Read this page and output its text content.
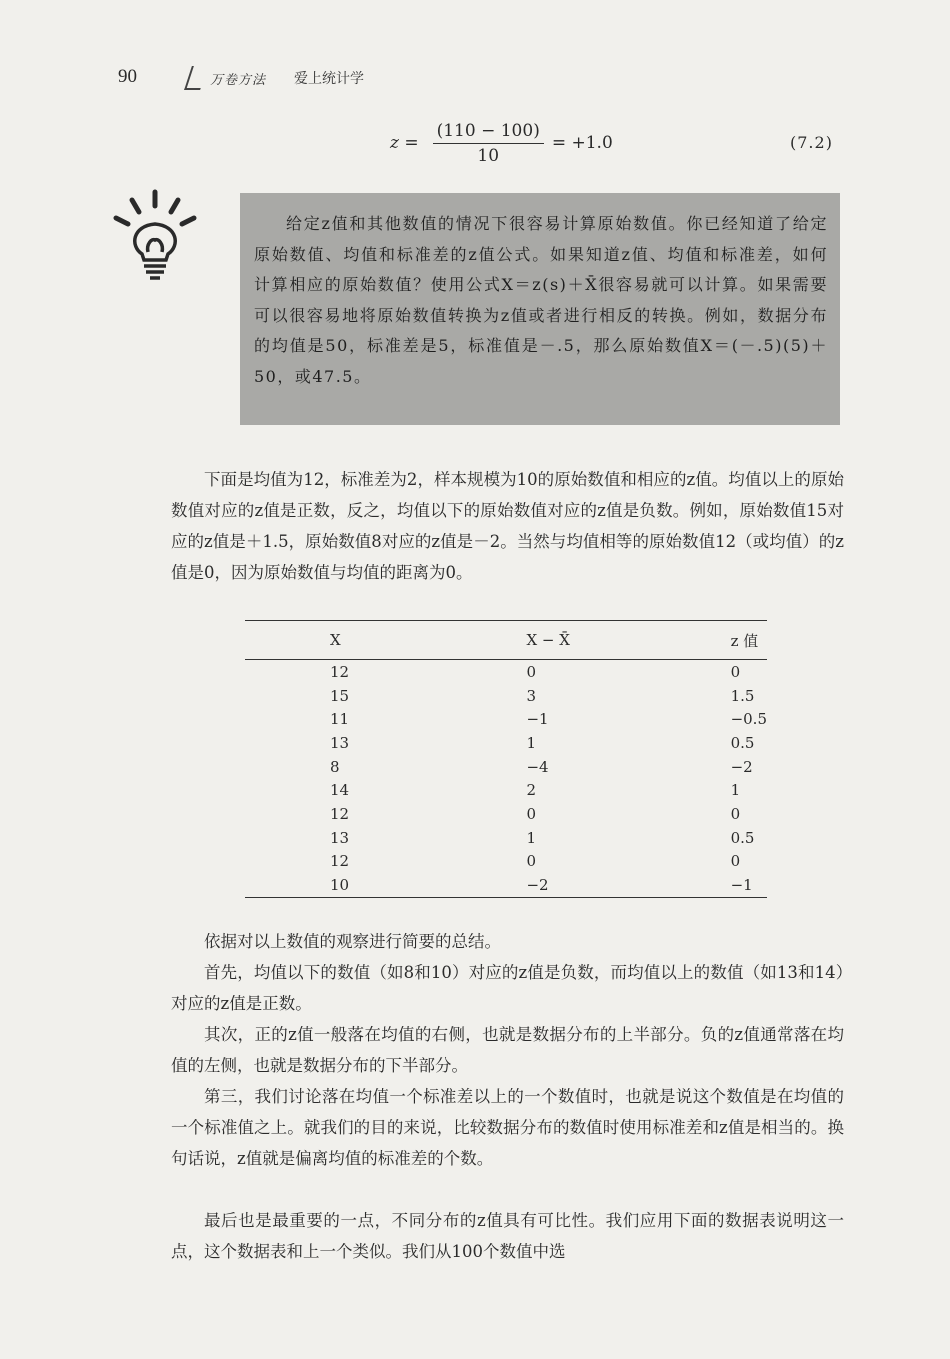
90	万卷方法 爱上统计学
$z = \frac{(110 - 100)}{10} = +1.0$	(7.2)

给定z值和其他数值的情况下很容易计算原始数值。你已经知道了给定原始数值、均值和标准差的z值公式。如果知道z值、均值和标准差，如何计算相应的原始数值？使用公式X＝z(s)＋X̄很容易就可以计算。如果需要可以很容易地将原始数值转换为z值或者进行相反的转换。例如，数据分布的均值是50，标准差是5，标准值是－.5，那么原始数值X＝(－.5)(5)＋50，或47.5。

下面是均值为12，标准差为2，样本规模为10的原始数值和相应的z值。均值以上的原始数值对应的z值是正数，反之，均值以下的原始数值对应的z值是负数。例如，原始数值15对应的z值是＋1.5，原始数值8对应的z值是－2。当然与均值相等的原始数值12（或均值）的z值是0，因为原始数值与均值的距离为0。
X	X − X̄	z 值
12	0	0
15	3	1.5
11	−1	−0.5
13	1	0.5
8	−4	−2
14	2	1
12	0	0
13	1	0.5
12	0	0
10	−2	−1
依据对以上数值的观察进行简要的总结。
首先，均值以下的数值（如8和10）对应的z值是负数，而均值以上的数值（如13和14）对应的z值是正数。
其次，正的z值一般落在均值的右侧，也就是数据分布的上半部分。负的z值通常落在均值的左侧，也就是数据分布的下半部分。
第三，我们讨论落在均值一个标准差以上的一个数值时，也就是说这个数值是在均值的一个标准值之上。就我们的目的来说，比较数据分布的数值时使用标准差和z值是相当的。换句话说，z值就是偏离均值的标准差的个数。
最后也是最重要的一点，不同分布的z值具有可比性。我们应用下面的数据表说明这一点，这个数据表和上一个类似。我们从100个数值中选
